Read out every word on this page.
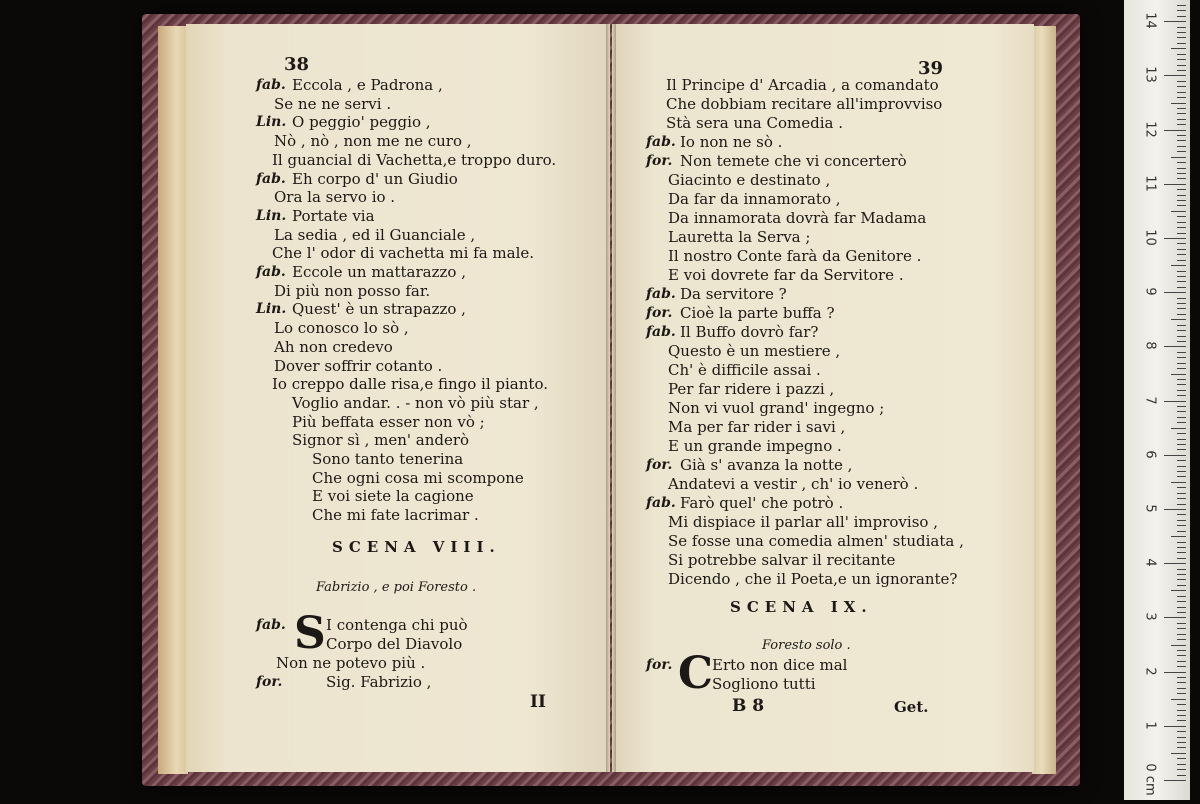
38
fab. Eccola , e Padrona ,
Se ne ne servi .
Lin. O peggio' peggio ,
Nò , nò , non me ne curo ,
Il guancial di Vachetta,e troppo duro.
fab. Eh corpo d' un Giudio
Ora la servo io .
Lin. Portate via
La sedia , ed il Guanciale ,
Che l' odor di vachetta mi fa male.
fab. Eccole un mattarazzo ,
Di più non posso far.
Lin. Quest' è un strapazzo ,
Lo conosco lo sò ,
Ah non credevo
Dover soffrir cotanto .
Io creppo dalle risa,e fingo il pianto.
Voglio andar. . - non vò più star ,
Più beffata esser non vò ;
Signor sì , men' anderò
Sono tanto tenerina
Che ogni cosa mi scompone
E voi siete la cagione
Che mi fate lacrimar .
SCENA VIII.
Fabrizio , e poi Foresto .
fab. S I contenga chi può
Corpo del Diavolo
Non ne potevo più .
for.	Sig. Fabrizio ,
II
39
Il Principe d' Arcadia , a comandato
Che dobbiam recitare all'improvviso
Stà sera una Comedia .
fab. Io non ne sò .
for. Non temete che vi concerterò
Giacinto e destinato ,
Da far da innamorato ,
Da innamorata dovrà far Madama
Lauretta la Serva ;
Il nostro Conte farà da Genitore .
E voi dovrete far da Servitore .
fab. Da servitore ?
for. Cioè la parte buffa ?
fab. Il Buffo dovrò far?
Questo è un mestiere ,
Ch' è difficile assai .
Per far ridere i pazzi ,
Non vi vuol grand' ingegno ;
Ma per far rider i savi ,
E un grande impegno .
for. Già s' avanza la notte ,
Andatevi a vestir , ch' io venerò .
fab. Farò quel' che potrò .
Mi dispiace il parlar all' improviso ,
Se fosse una comedia almen' studiata ,
Si potrebbe salvar il recitante
Dicendo , che il Poeta,e un ignorante?
SCENA IX.
Foresto solo .
for. C
Erto non dice mal
Sogliono tutti
B 8	Get.
14
13
12
11
10
9
8
7
6
5
4
3
2
1
0 cm
